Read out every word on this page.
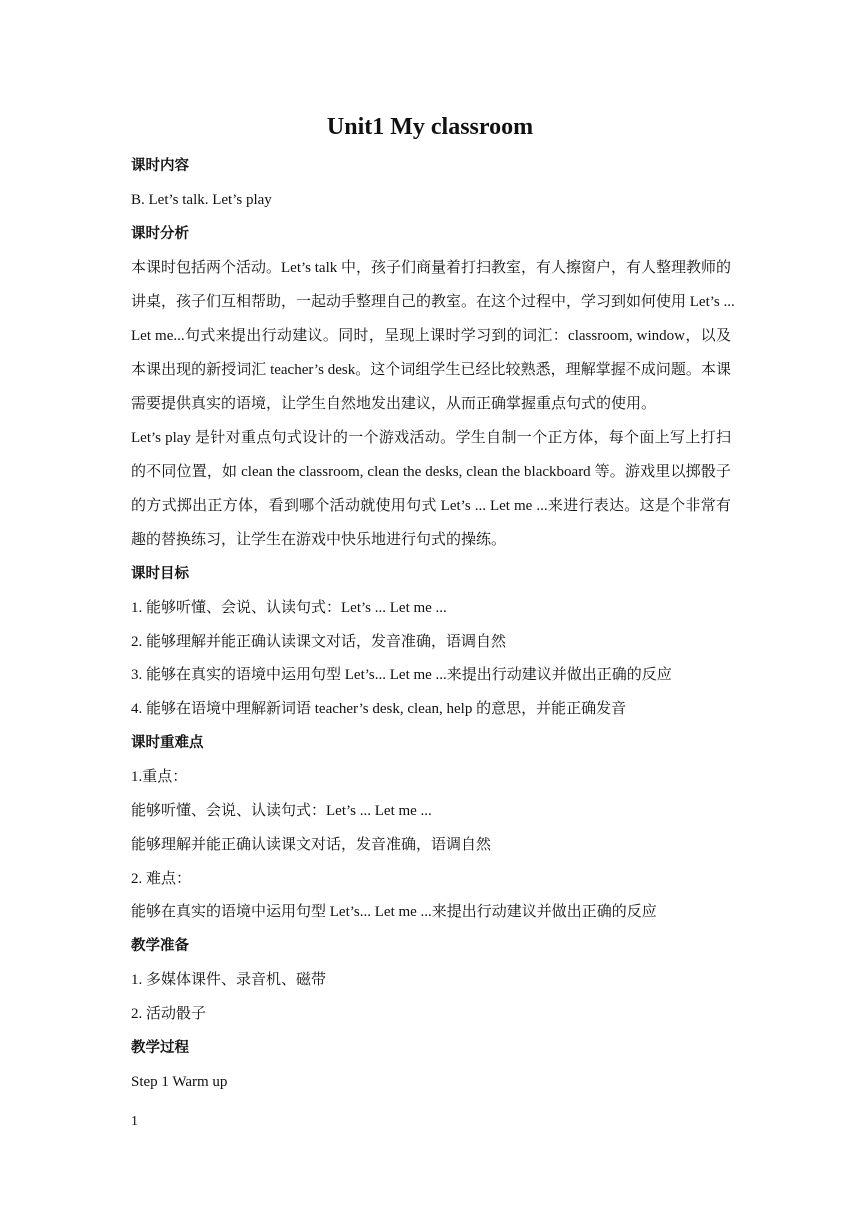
Unit1 My classroom

课时内容

B. Let’s talk. Let’s play

课时分析

本课时包括两个活动。Let’s talk 中，孩子们商量着打扫教室，有人擦窗户，有人整理教师的

讲桌，孩子们互相帮助，一起动手整理自己的教室。在这个过程中，学习到如何使用 Let’s ...

Let me...句式来提出行动建议。同时，呈现上课时学习到的词汇：classroom, window，以及

本课出现的新授词汇 teacher’s desk。这个词组学生已经比较熟悉，理解掌握不成问题。本课

需要提供真实的语境，让学生自然地发出建议，从而正确掌握重点句式的使用。

Let’s play 是针对重点句式设计的一个游戏活动。学生自制一个正方体，每个面上写上打扫

的不同位置，如 clean the classroom, clean the desks, clean the blackboard 等。游戏里以掷骰子

的方式掷出正方体，看到哪个活动就使用句式 Let’s ... Let me ...来进行表达。这是个非常有

趣的替换练习，让学生在游戏中快乐地进行句式的操练。

课时目标

1. 能够听懂、会说、认读句式：Let’s ... Let me ...

2. 能够理解并能正确认读课文对话，发音准确，语调自然

3. 能够在真实的语境中运用句型 Let’s... Let me ...来提出行动建议并做出正确的反应

4. 能够在语境中理解新词语 teacher’s desk, clean, help 的意思，并能正确发音

课时重难点

1.重点：

能够听懂、会说、认读句式：Let’s ... Let me ...

能够理解并能正确认读课文对话，发音准确，语调自然

2. 难点：

能够在真实的语境中运用句型 Let’s... Let me ...来提出行动建议并做出正确的反应

教学准备

1. 多媒体课件、录音机、磁带

2. 活动骰子

教学过程

Step 1 Warm up

1
